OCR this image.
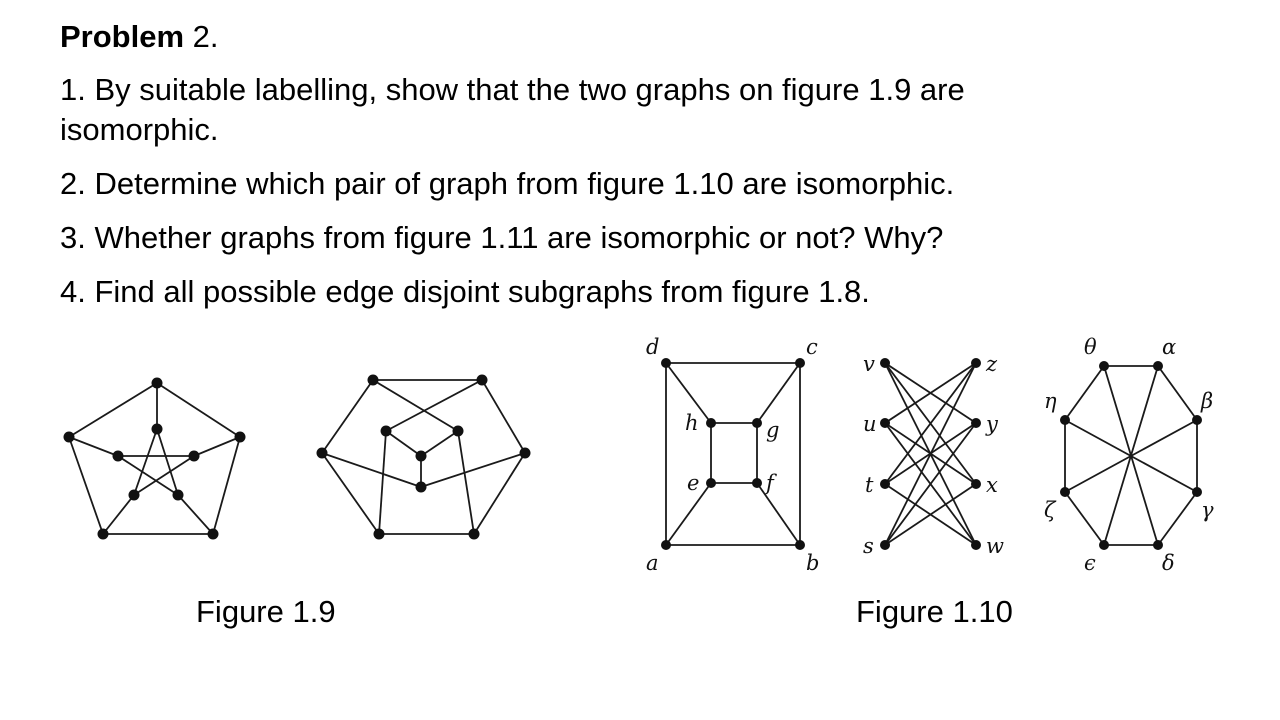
Problem 2.
1. By suitable labelling, show that the two graphs on figure 1.9 are
isomorphic.
2. Determine which pair of graph from figure 1.10 are isomorphic.
3. Whether graphs from figure 1.11 are isomorphic or not? Why?
4. Find all possible edge disjoint subgraphs from figure 1.8.
d	c
h	g
e	f
a	b
v
u
t
s
z
y
x
w
θ	α
η	β
ζ	γ
ϵ	δ
Figure 1.9	Figure 1.10
